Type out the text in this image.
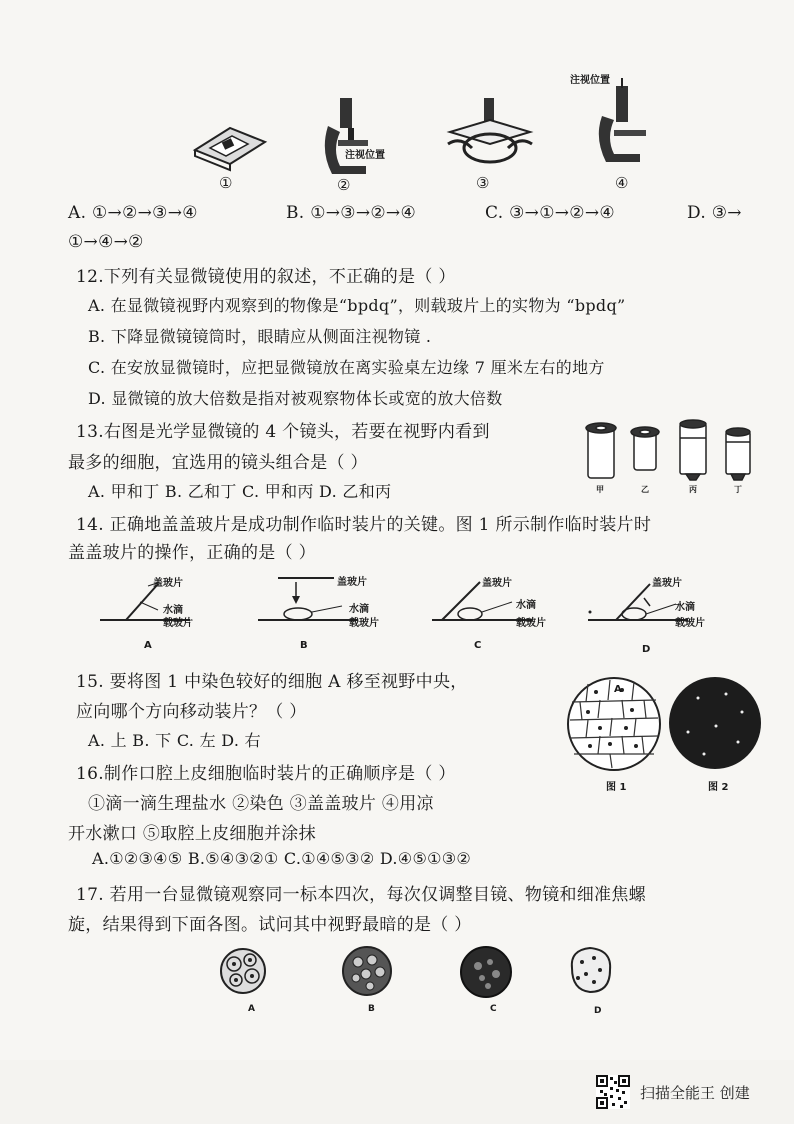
注视位置
注视位置
①	②	③	④
A. ①→②→③→④	B. ①→③→②→④	C. ③→①→②→④	D. ③→
①→④→②
12.下列有关显微镜使用的叙述，不正确的是（ ）
A. 在显微镜视野内观察到的物像是“bpdq”，则载玻片上的实物为 “bpdq”
B. 下降显微镜镜筒时，眼睛应从侧面注视物镜 .
C. 在安放显微镜时，应把显微镜放在离实验桌左边缘 7 厘米左右的地方
D. 显微镜的放大倍数是指对被观察物体长或宽的放大倍数
13.右图是光学显微镜的 4 个镜头，若要在视野内看到
最多的细胞，宜选用的镜头组合是（ ）
A. 甲和丁 B. 乙和丁 C. 甲和丙 D. 乙和丙	甲	乙	丙	丁
14. 正确地盖盖玻片是成功制作临时装片的关键。图 1 所示制作临时装片时
盖盖玻片的操作，正确的是（ ）
盖玻片
水滴
载玻片
A
盖玻片
水滴
载玻片
B
盖玻片
水滴
载玻片
C
盖玻片
水滴
载玻片
D
15. 要将图 1 中染色较好的细胞 A 移至视野中央，
应向哪个方向移动装片？（ ）
A. 上 B. 下 C. 左 D. 右
A
图 1	图 2
16.制作口腔上皮细胞临时装片的正确顺序是（ ）
①滴一滴生理盐水 ②染色 ③盖盖玻片 ④用凉
开水漱口 ⑤取腔上皮细胞并涂抹
A.①②③④⑤ B.⑤④③②① C.①④⑤③② D.④⑤①③②
17. 若用一台显微镜观察同一标本四次，每次仅调整目镜、物镜和细准焦螺
旋，结果得到下面各图。试问其中视野最暗的是（ ）
A	B	C	D
扫描全能王 创建
